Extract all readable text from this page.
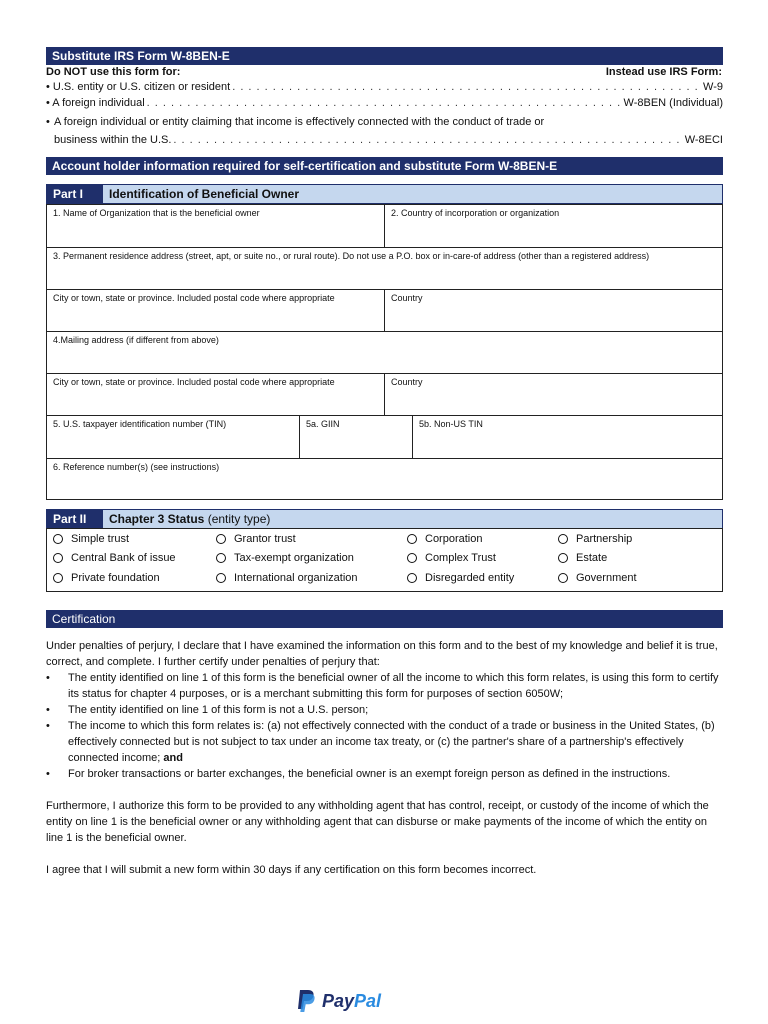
Substitute IRS Form W-8BEN-E
Do NOT use this form for:	Instead use IRS Form:
• U.S. entity or U.S. citizen or resident . . .	W-9
• A foreign individual . . .	W-8BEN (Individual)
• A foreign individual or entity claiming that income is effectively connected with the conduct of trade or
business within the U.S. . . .	W-8ECI
Account holder information required for self-certification and substitute Form W-8BEN-E
Part I	Identification of Beneficial Owner
1. Name of Organization that is the beneficial owner	2. Country of incorporation or organization
3. Permanent residence address (street, apt, or suite no., or rural route). Do not use a P.O. box or in-care-of address (other than a registered address)
City or town, state or province. Included postal code where appropriate	Country
4.Mailing address (if different from above)
City or town, state or province. Included postal code where appropriate	Country
5. U.S. taxpayer identification number (TIN)	5a. GIIN	5b. Non-US TIN
6. Reference number(s) (see instructions)
Part II	Chapter 3 Status (entity type)
Simple trust	Grantor trust	Corporation	Partnership
Central Bank of issue	Tax-exempt organization	Complex Trust	Estate
Private foundation	International organization	Disregarded entity	Government
Certification
Under penalties of perjury, I declare that I have examined the information on this form and to the best of my knowledge and belief it is true, correct, and complete. I further certify under penalties of perjury that:
• The entity identified on line 1 of this form is the beneficial owner of all the income to which this form relates, is using this form to certify its status for chapter 4 purposes, or is a merchant submitting this form for purposes of section 6050W;
• The entity identified on line 1 of this form is not a U.S. person;
• The income to which this form relates is: (a) not effectively connected with the conduct of a trade or business in the United States, (b) effectively connected but is not subject to tax under an income tax treaty, or (c) the partner's share of a partnership's effectively connected income; and
• For broker transactions or barter exchanges, the beneficial owner is an exempt foreign person as defined in the instructions.
Furthermore, I authorize this form to be provided to any withholding agent that has control, receipt, or custody of the income of which the entity on line 1 is the beneficial owner or any withholding agent that can disburse or make payments of the income of which the entity on line 1 is the beneficial owner.
I agree that I will submit a new form within 30 days if any certification on this form becomes incorrect.
PayPal
